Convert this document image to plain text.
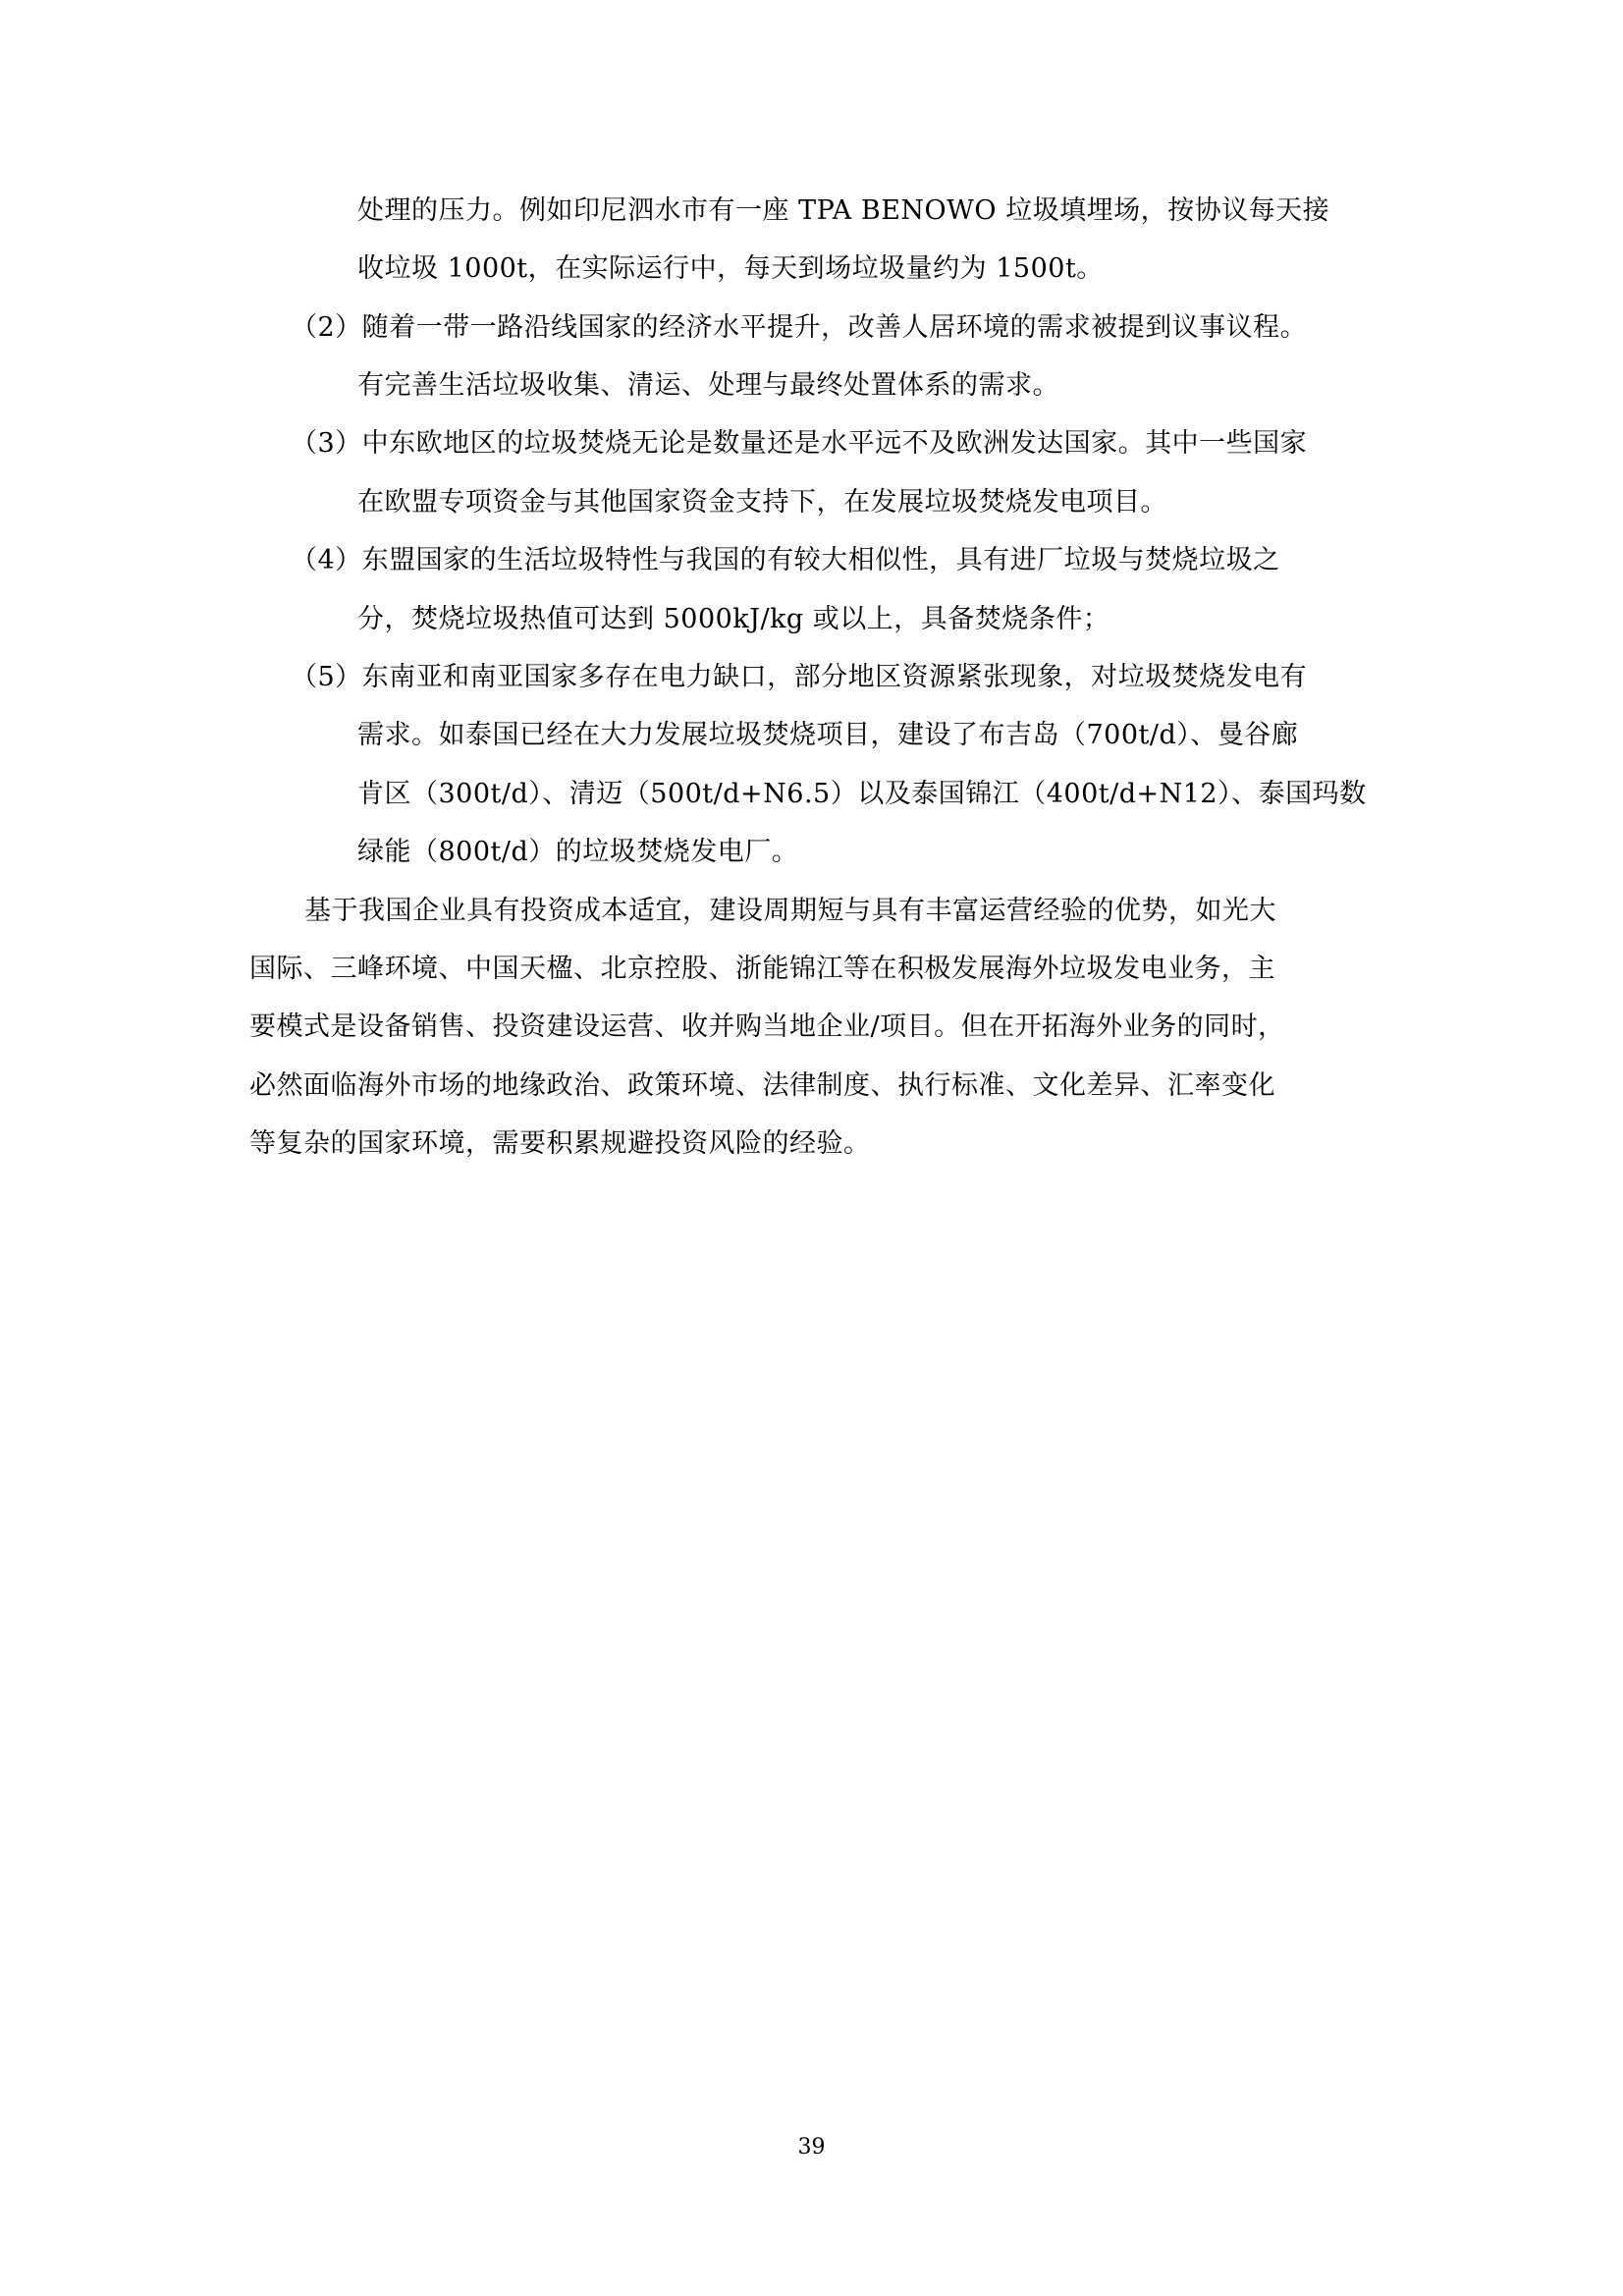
处理的压力。例如印尼泗水市有一座 TPA BENOWO 垃圾填埋场，按协议每天接
收垃圾 1000t，在实际运行中，每天到场垃圾量约为 1500t。
（2）随着一带一路沿线国家的经济水平提升，改善人居环境的需求被提到议事议程。
有完善生活垃圾收集、清运、处理与最终处置体系的需求。
（3）中东欧地区的垃圾焚烧无论是数量还是水平远不及欧洲发达国家。其中一些国家
在欧盟专项资金与其他国家资金支持下，在发展垃圾焚烧发电项目。
（4）东盟国家的生活垃圾特性与我国的有较大相似性，具有进厂垃圾与焚烧垃圾之
分，焚烧垃圾热值可达到 5000kJ/kg 或以上，具备焚烧条件；
（5）东南亚和南亚国家多存在电力缺口，部分地区资源紧张现象，对垃圾焚烧发电有
需求。如泰国已经在大力发展垃圾焚烧项目，建设了布吉岛（700t/d）、曼谷廊
肯区（300t/d）、清迈（500t/d+N6.5）以及泰国锦江（400t/d+N12）、泰国玛数
绿能（800t/d）的垃圾焚烧发电厂。
基于我国企业具有投资成本适宜，建设周期短与具有丰富运营经验的优势，如光大
国际、三峰环境、中国天楹、北京控股、浙能锦江等在积极发展海外垃圾发电业务，主
要模式是设备销售、投资建设运营、收并购当地企业/项目。但在开拓海外业务的同时，
必然面临海外市场的地缘政治、政策环境、法律制度、执行标准、文化差异、汇率变化
等复杂的国家环境，需要积累规避投资风险的经验。
39
